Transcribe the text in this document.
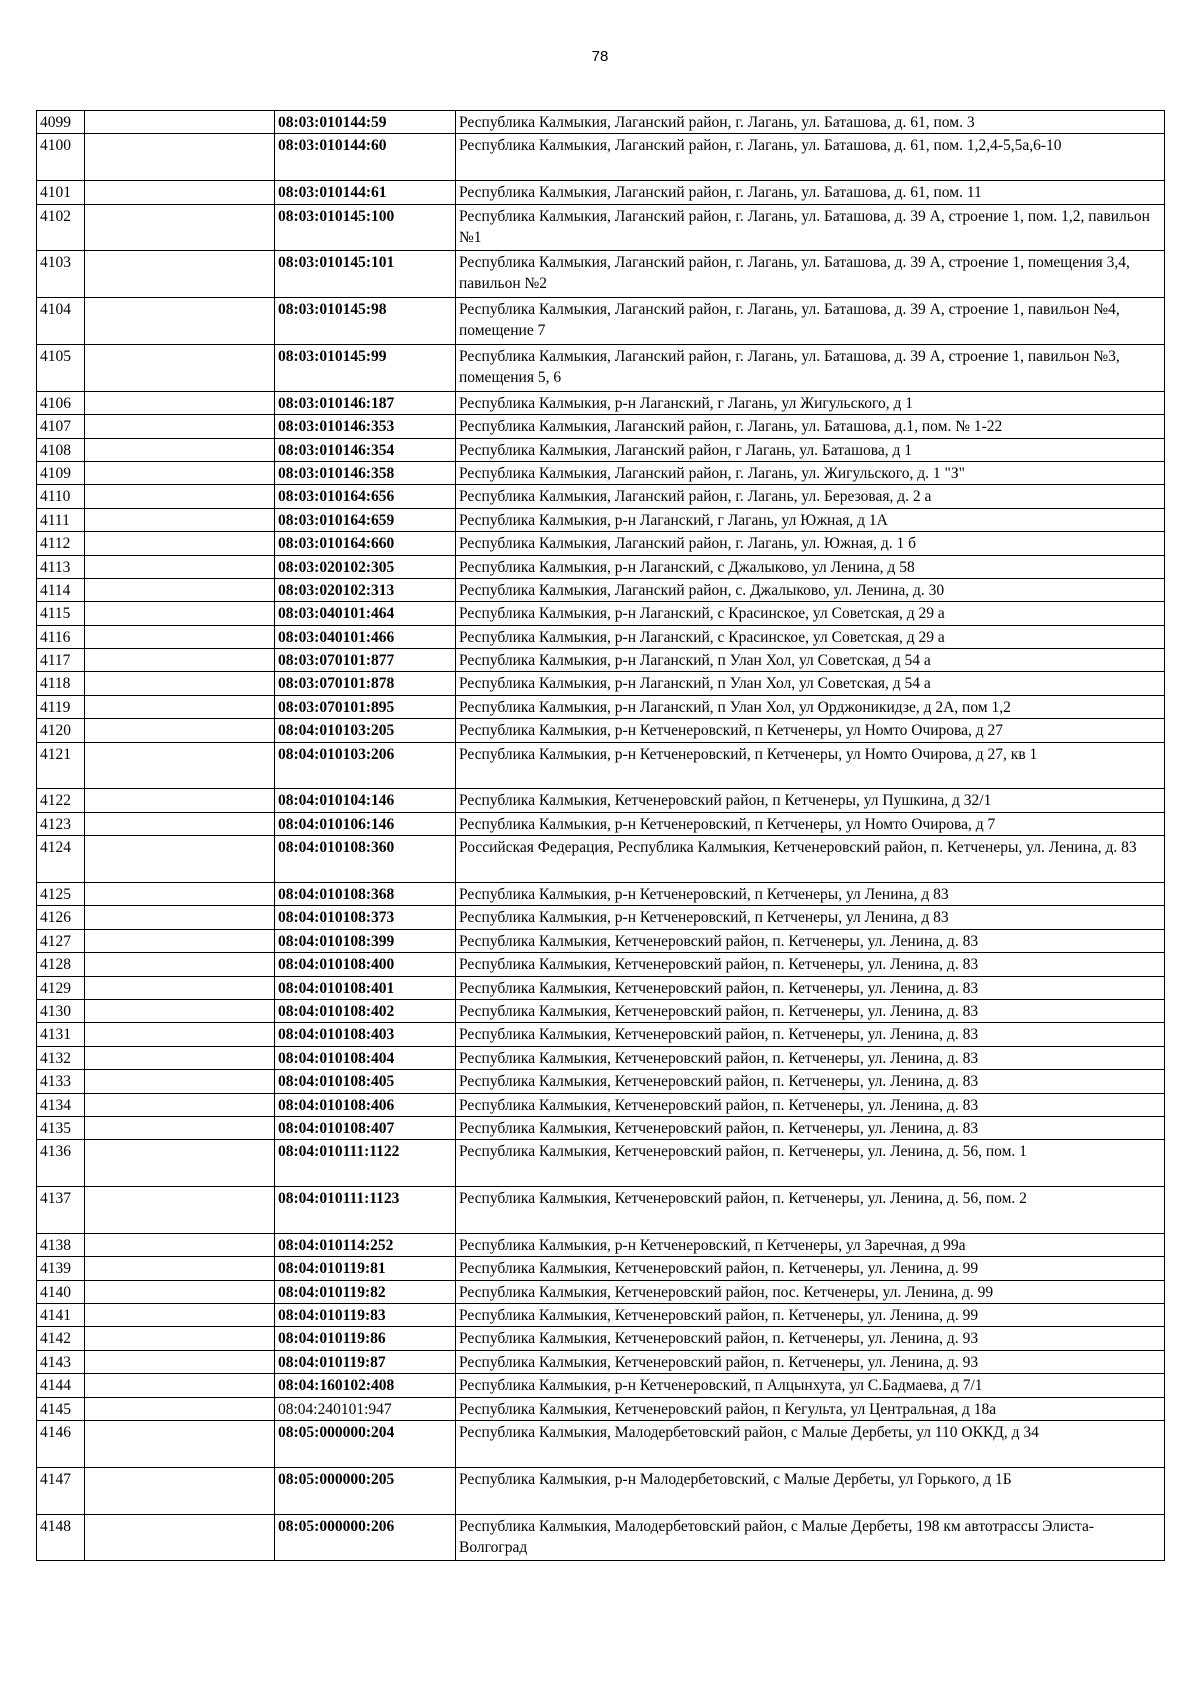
78
4099		08:03:010144:59	Республика Калмыкия, Лаганский район, г. Лагань, ул. Баташова, д. 61, пом. 3
4100		08:03:010144:60	Республика Калмыкия, Лаганский район, г. Лагань, ул. Баташова, д. 61, пом. 1,2,4-5,5а,6-10
4101		08:03:010144:61	Республика Калмыкия, Лаганский район, г. Лагань, ул. Баташова, д. 61, пом. 11
4102		08:03:010145:100	Республика Калмыкия, Лаганский район, г. Лагань, ул. Баташова, д. 39 А, строение 1, пом. 1,2, павильон №1
4103		08:03:010145:101	Республика Калмыкия, Лаганский район, г. Лагань, ул. Баташова, д. 39 А, строение 1, помещения 3,4, павильон №2
4104		08:03:010145:98	Республика Калмыкия, Лаганский район, г. Лагань, ул. Баташова, д. 39 А, строение 1, павильон №4, помещение 7
4105		08:03:010145:99	Республика Калмыкия, Лаганский район, г. Лагань, ул. Баташова, д. 39 А, строение 1, павильон №3, помещения 5, 6
4106		08:03:010146:187	Республика Калмыкия, р-н Лаганский, г Лагань, ул Жигульского, д 1
4107		08:03:010146:353	Республика Калмыкия, Лаганский район, г. Лагань, ул. Баташова, д.1, пом. № 1-22
4108		08:03:010146:354	Республика Калмыкия, Лаганский район, г Лагань, ул. Баташова, д 1
4109		08:03:010146:358	Республика Калмыкия, Лаганский район, г. Лагань, ул. Жигульского, д. 1 "З"
4110		08:03:010164:656	Республика Калмыкия, Лаганский район, г. Лагань, ул. Березовая, д. 2 а
4111		08:03:010164:659	Республика Калмыкия, р-н Лаганский, г Лагань, ул Южная, д 1А
4112		08:03:010164:660	Республика Калмыкия, Лаганский район, г. Лагань, ул. Южная, д. 1 б
4113		08:03:020102:305	Республика Калмыкия, р-н Лаганский, с Джалыково, ул Ленина, д 58
4114		08:03:020102:313	Республика Калмыкия, Лаганский район, с. Джалыково, ул. Ленина, д. 30
4115		08:03:040101:464	Республика Калмыкия, р-н Лаганский, с Красинское, ул Советская, д 29 а
4116		08:03:040101:466	Республика Калмыкия, р-н Лаганский, с Красинское, ул Советская, д 29 а
4117		08:03:070101:877	Республика Калмыкия, р-н Лаганский, п Улан Хол, ул Советская, д 54 а
4118		08:03:070101:878	Республика Калмыкия, р-н Лаганский, п Улан Хол, ул Советская, д 54 а
4119		08:03:070101:895	Республика Калмыкия, р-н Лаганский, п Улан Хол, ул Орджоникидзе, д 2А, пом 1,2
4120		08:04:010103:205	Республика Калмыкия, р-н Кетченеровский, п Кетченеры, ул Номто Очирова, д 27
4121		08:04:010103:206	Республика Калмыкия, р-н Кетченеровский, п Кетченеры, ул Номто Очирова, д 27, кв 1
4122		08:04:010104:146	Республика Калмыкия, Кетченеровский район, п Кетченеры, ул Пушкина, д 32/1
4123		08:04:010106:146	Республика Калмыкия, р-н Кетченеровский, п Кетченеры, ул Номто Очирова, д 7
4124		08:04:010108:360	Российская Федерация, Республика Калмыкия, Кетченеровский район, п. Кетченеры, ул. Ленина, д. 83
4125		08:04:010108:368	Республика Калмыкия, р-н Кетченеровский, п Кетченеры, ул Ленина, д 83
4126		08:04:010108:373	Республика Калмыкия, р-н Кетченеровский, п Кетченеры, ул Ленина, д 83
4127		08:04:010108:399	Республика Калмыкия, Кетченеровский район, п. Кетченеры, ул. Ленина, д. 83
4128		08:04:010108:400	Республика Калмыкия, Кетченеровский район, п. Кетченеры, ул. Ленина, д. 83
4129		08:04:010108:401	Республика Калмыкия, Кетченеровский район, п. Кетченеры, ул. Ленина, д. 83
4130		08:04:010108:402	Республика Калмыкия, Кетченеровский район, п. Кетченеры, ул. Ленина, д. 83
4131		08:04:010108:403	Республика Калмыкия, Кетченеровский район, п. Кетченеры, ул. Ленина, д. 83
4132		08:04:010108:404	Республика Калмыкия, Кетченеровский район, п. Кетченеры, ул. Ленина, д. 83
4133		08:04:010108:405	Республика Калмыкия, Кетченеровский район, п. Кетченеры, ул. Ленина, д. 83
4134		08:04:010108:406	Республика Калмыкия, Кетченеровский район, п. Кетченеры, ул. Ленина, д. 83
4135		08:04:010108:407	Республика Калмыкия, Кетченеровский район, п. Кетченеры, ул. Ленина, д. 83
4136		08:04:010111:1122	Республика Калмыкия, Кетченеровский район, п. Кетченеры, ул. Ленина, д. 56, пом. 1
4137		08:04:010111:1123	Республика Калмыкия, Кетченеровский район, п. Кетченеры, ул. Ленина, д. 56, пом. 2
4138		08:04:010114:252	Республика Калмыкия, р-н Кетченеровский, п Кетченеры, ул Заречная, д 99а
4139		08:04:010119:81	Республика Калмыкия, Кетченеровский район, п. Кетченеры, ул. Ленина, д. 99
4140		08:04:010119:82	Республика Калмыкия, Кетченеровский район, пос. Кетченеры, ул. Ленина, д. 99
4141		08:04:010119:83	Республика Калмыкия, Кетченеровский район, п. Кетченеры, ул. Ленина, д. 99
4142		08:04:010119:86	Республика Калмыкия, Кетченеровский район, п. Кетченеры, ул. Ленина, д. 93
4143		08:04:010119:87	Республика Калмыкия, Кетченеровский район, п. Кетченеры, ул. Ленина, д. 93
4144		08:04:160102:408	Республика Калмыкия, р-н Кетченеровский, п Алцынхута, ул С.Бадмаева, д 7/1
4145		08:04:240101:947	Республика Калмыкия, Кетченеровский район, п Кегульта, ул Центральная, д 18а
4146		08:05:000000:204	Республика Калмыкия, Малодербетовский район, с Малые Дербеты, ул 110 ОККД, д 34
4147		08:05:000000:205	Республика Калмыкия, р-н Малодербетовский, с Малые Дербеты, ул Горького, д 1Б
4148		08:05:000000:206	Республика Калмыкия, Малодербетовский район, с Малые Дербеты, 198 км автотрассы Элиста-Волгоград
